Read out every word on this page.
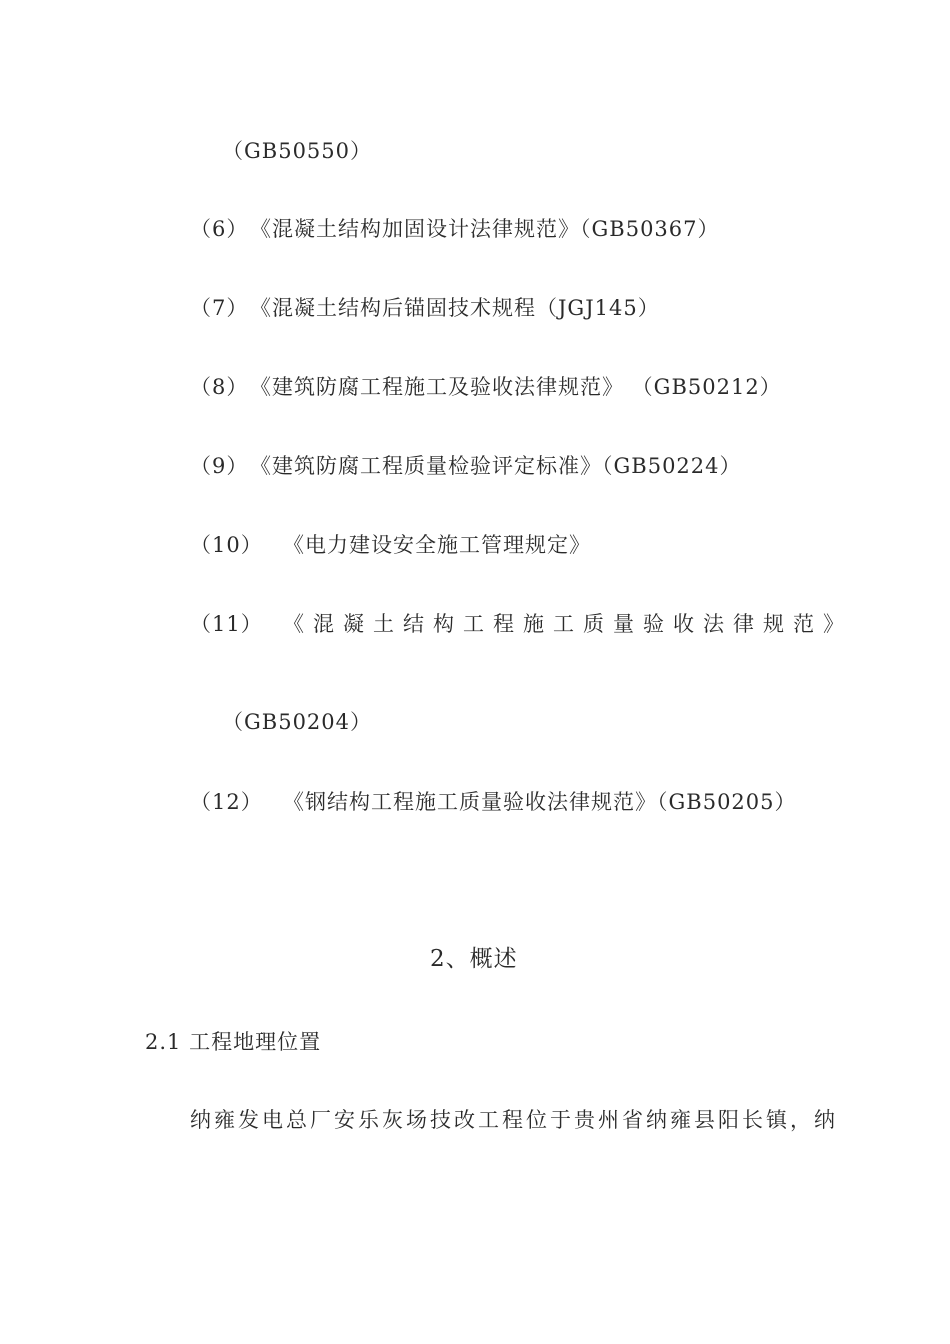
（GB50550）
（6）《混凝土结构加固设计法律规范》（GB50367）
（7）《混凝土结构后锚固技术规程（JGJ145）
（8）《建筑防腐工程施工及验收法律规范》 （GB50212）
（9）《建筑防腐工程质量检验评定标准》（GB50224）
（10） 《电力建设安全施工管理规定》
（11） 《混凝土结构工程施工质量验收法律规范》
（GB50204）
（12） 《钢结构工程施工质量验收法律规范》（GB50205）
2、概述
2.1 工程地理位置
纳雍发电总厂安乐灰场技改工程位于贵州省纳雍县阳长镇，纳
